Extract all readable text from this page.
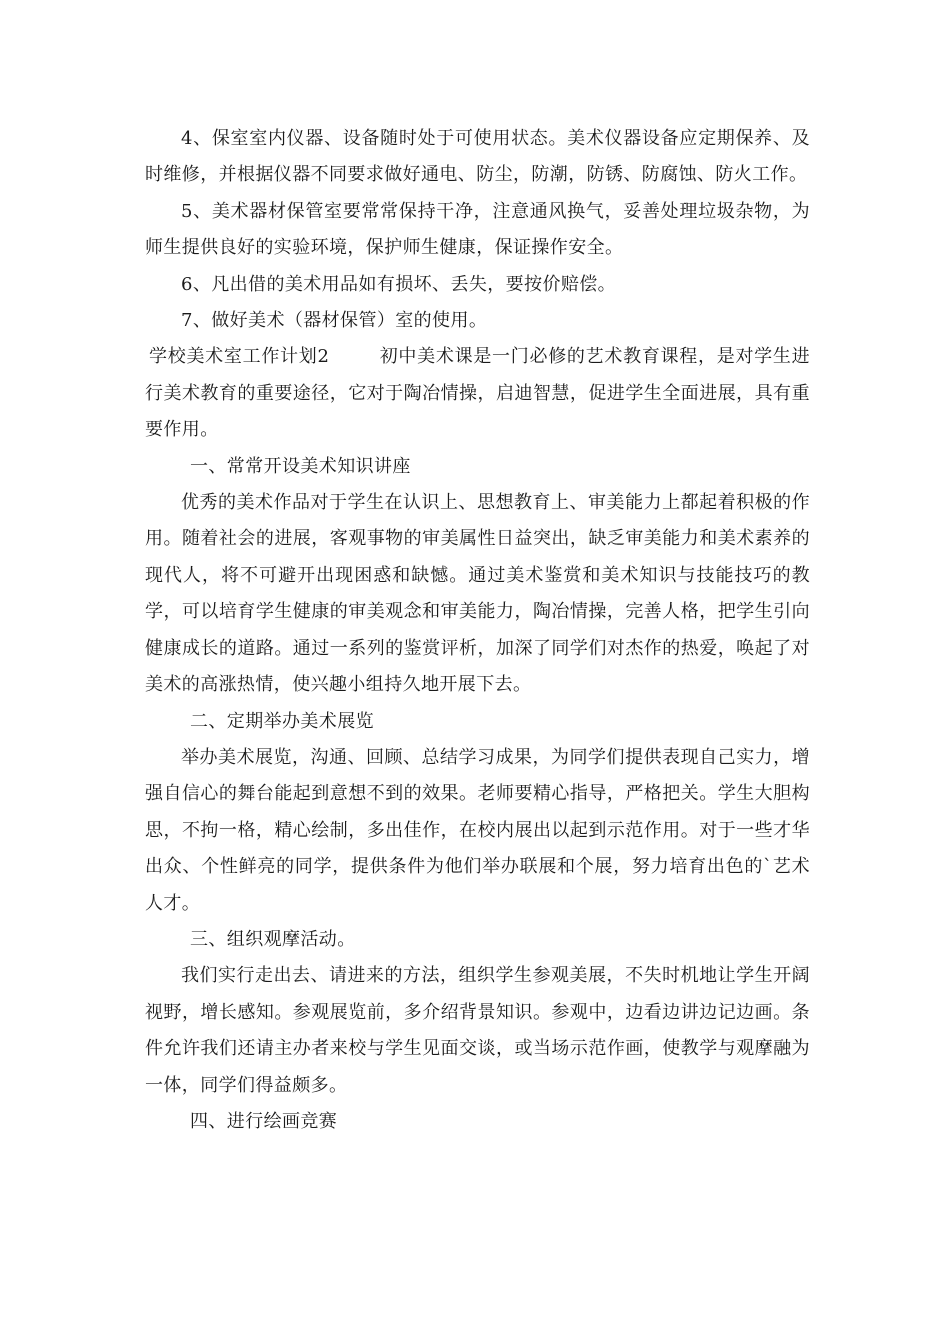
4、保室室内仪器、设备随时处于可使用状态。美术仪器设备应定期保养、及时维修，并根据仪器不同要求做好通电、防尘，防潮，防锈、防腐蚀、防火工作。

5、美术器材保管室要常常保持干净，注意通风换气，妥善处理垃圾杂物，为师生提供良好的实验环境，保护师生健康，保证操作安全。

6、凡出借的美术用品如有损坏、丢失，要按价赔偿。

7、做好美术（器材保管）室的使用。

学校美术室工作计划2	初中美术课是一门必修的艺术教育课程，是对学生进行美术教育的重要途径，它对于陶冶情操，启迪智慧，促进学生全面进展，具有重要作用。

一、常常开设美术知识讲座

优秀的美术作品对于学生在认识上、思想教育上、审美能力上都起着积极的作用。随着社会的进展，客观事物的审美属性日益突出，缺乏审美能力和美术素养的现代人，将不可避开出现困惑和缺憾。通过美术鉴赏和美术知识与技能技巧的教学，可以培育学生健康的审美观念和审美能力，陶冶情操，完善人格，把学生引向健康成长的道路。通过一系列的鉴赏评析，加深了同学们对杰作的热爱，唤起了对美术的高涨热情，使兴趣小组持久地开展下去。

二、定期举办美术展览

举办美术展览，沟通、回顾、总结学习成果，为同学们提供表现自己实力，增强自信心的舞台能起到意想不到的效果。老师要精心指导，严格把关。学生大胆构思，不拘一格，精心绘制，多出佳作，在校内展出以起到示范作用。对于一些才华出众、个性鲜亮的同学，提供条件为他们举办联展和个展，努力培育出色的`艺术人才。

三、组织观摩活动。

我们实行走出去、请进来的方法，组织学生参观美展，不失时机地让学生开阔视野，增长感知。参观展览前，多介绍背景知识。参观中，边看边讲边记边画。条件允许我们还请主办者来校与学生见面交谈，或当场示范作画，使教学与观摩融为一体，同学们得益颇多。

四、进行绘画竞赛
